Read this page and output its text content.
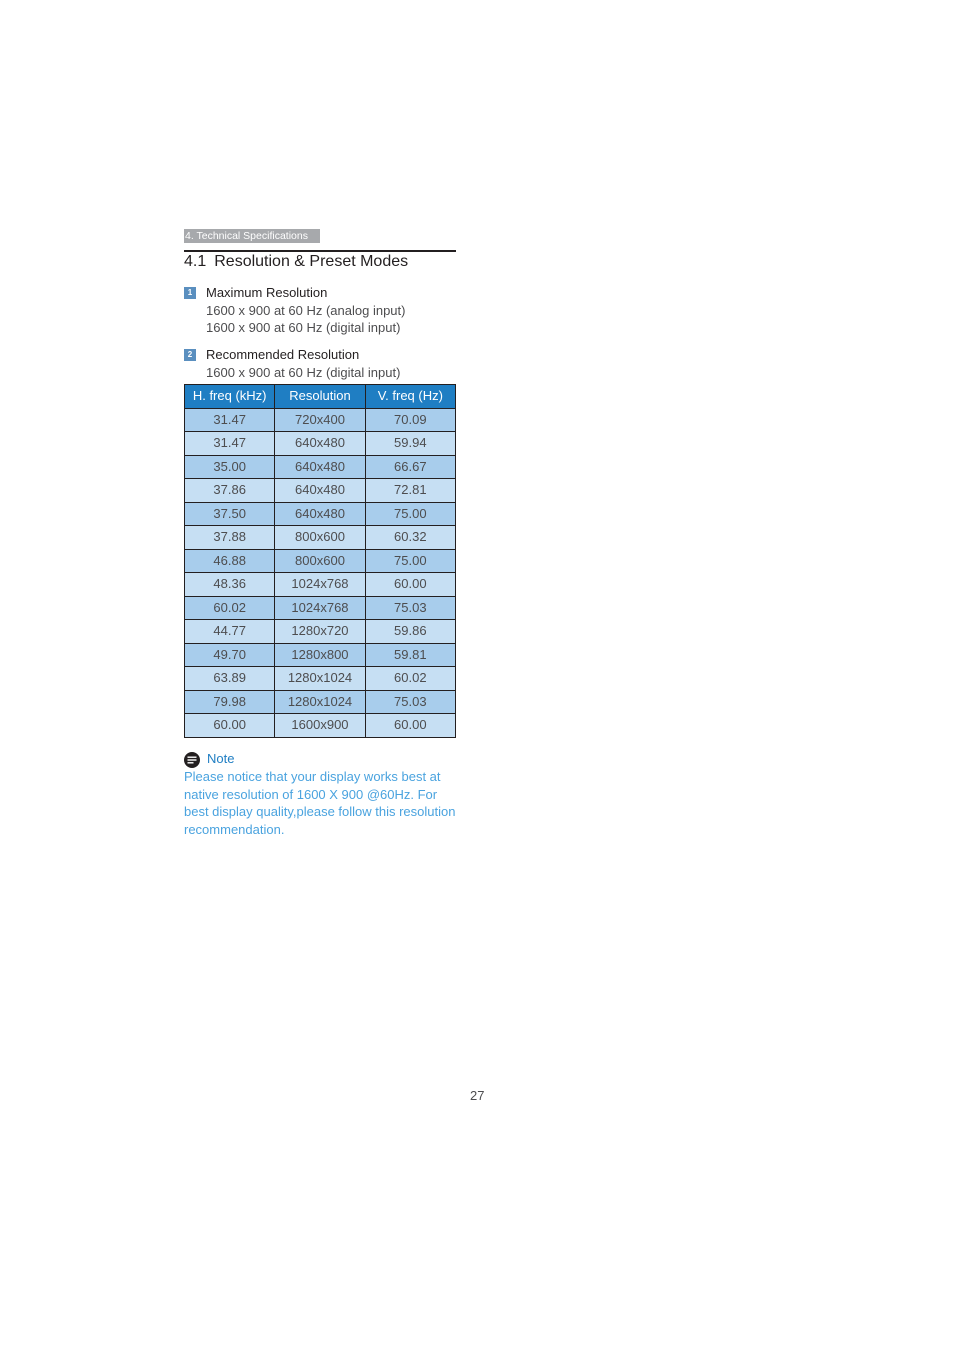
4. Technical Specifications
4.1 Resolution & Preset Modes
1 Maximum Resolution
1600 x 900 at 60 Hz (analog input)
1600 x 900 at 60 Hz (digital input)
2 Recommended Resolution
1600 x 900 at 60 Hz (digital input)
H. freq (kHz)	Resolution	V. freq (Hz)
31.47	720x400	70.09
31.47	640x480	59.94
35.00	640x480	66.67
37.86	640x480	72.81
37.50	640x480	75.00
37.88	800x600	60.32
46.88	800x600	75.00
48.36	1024x768	60.00
60.02	1024x768	75.03
44.77	1280x720	59.86
49.70	1280x800	59.81
63.89	1280x1024	60.02
79.98	1280x1024	75.03
60.00	1600x900	60.00
Note
Please notice that your display works best at
native resolution of 1600 X 900 @60Hz. For
best display quality,please follow this resolution
recommendation.
27
